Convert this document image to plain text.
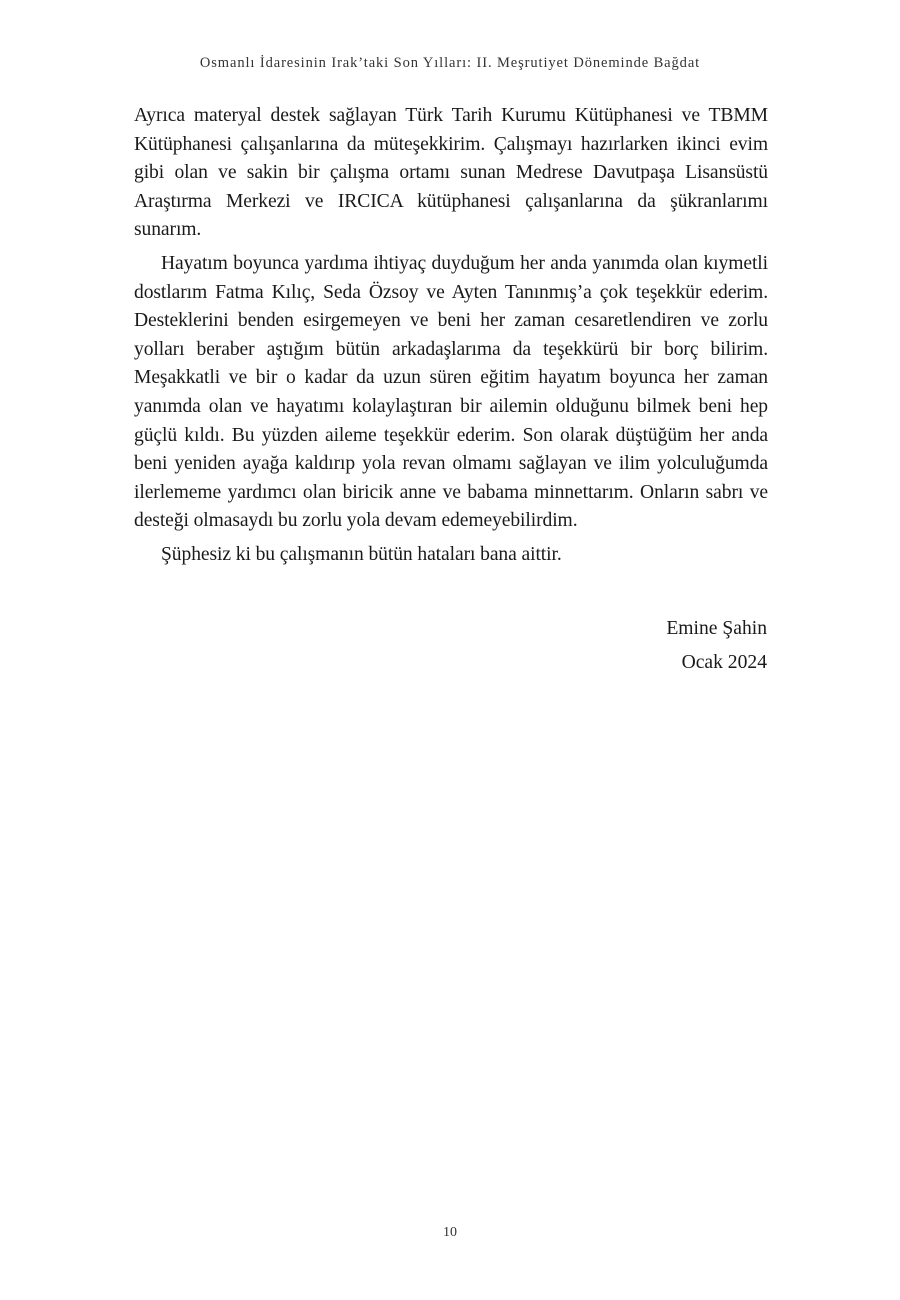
Osmanlı İdaresinin Irak’taki Son Yılları: II. Meşrutiyet Döneminde Bağdat

Ayrıca materyal destek sağlayan Türk Tarih Kurumu Kütüphanesi ve TBMM Kütüphanesi çalışanlarına da müteşekkirim. Çalışmayı hazırlarken ikinci evim gibi olan ve sakin bir çalışma ortamı sunan Medrese Davutpaşa Lisansüstü Araştırma Merkezi ve IRCICA kütüphanesi çalışanlarına da şükranlarımı sunarım.

Hayatım boyunca yardıma ihtiyaç duyduğum her anda yanımda olan kıymetli dostlarım Fatma Kılıç, Seda Özsoy ve Ayten Tanınmış’a çok teşekkür ederim. Desteklerini benden esirgemeyen ve beni her zaman cesaretlendiren ve zorlu yolları beraber aştığım bütün arkadaşlarıma da teşekkürü bir borç bilirim. Meşakkatli ve bir o kadar da uzun süren eğitim hayatım boyunca her zaman yanımda olan ve hayatımı kolaylaştıran bir ailemin olduğunu bilmek beni hep güçlü kıldı. Bu yüzden aileme teşekkür ederim. Son olarak düştüğüm her anda beni yeniden ayağa kaldırıp yola revan olmamı sağlayan ve ilim yolculuğumda ilerlememe yardımcı olan biricik anne ve babama minnettarım. Onların sabrı ve desteği olmasaydı bu zorlu yola devam edemeyebilirdim.

Şüphesiz ki bu çalışmanın bütün hataları bana aittir.

Emine Şahin
Ocak 2024
10
